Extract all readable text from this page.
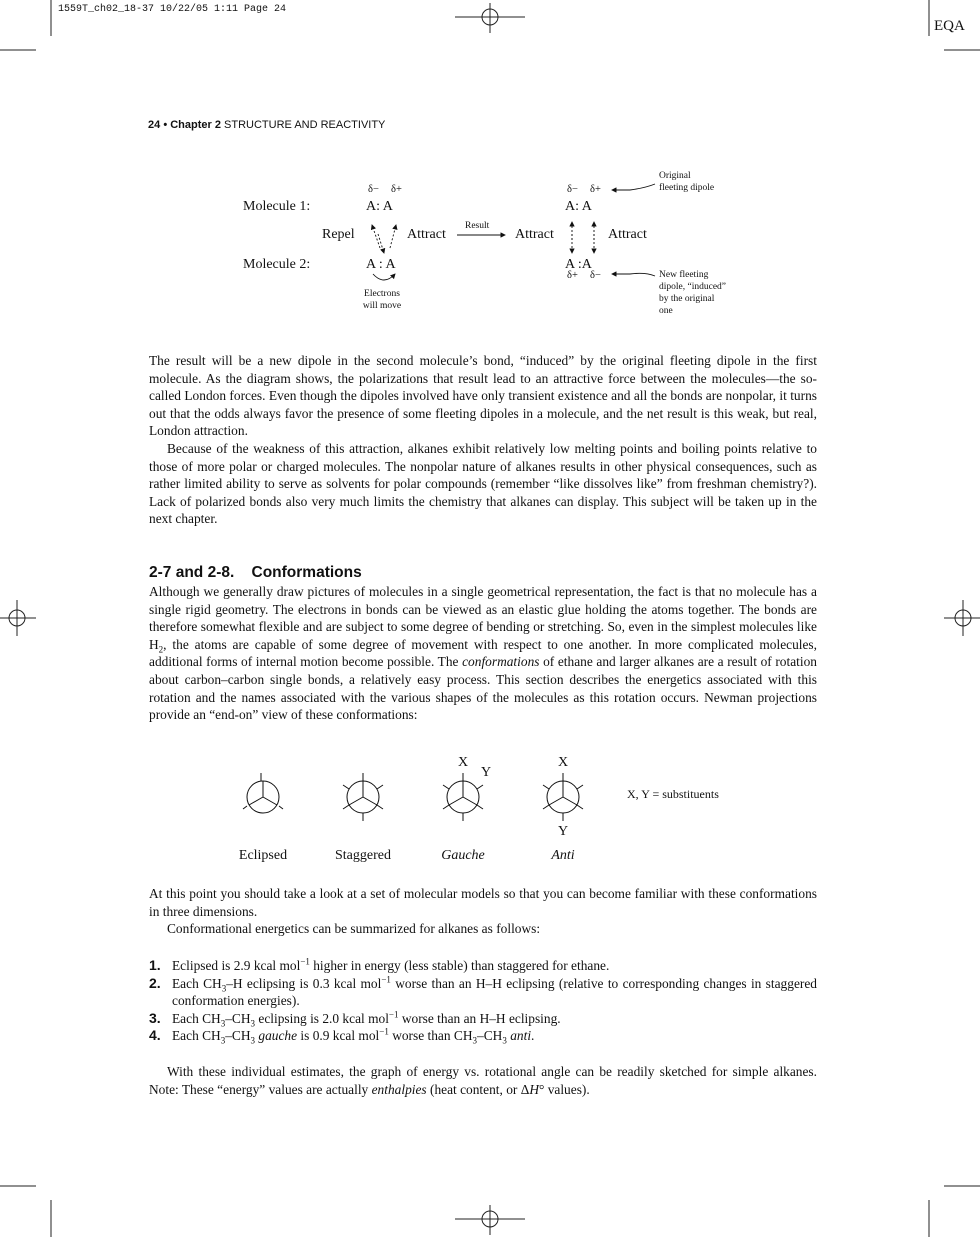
1559T_ch02_18-37 10/22/05 1:11 Page 24
EQA
24 • Chapter 2 STRUCTURE AND REACTIVITY
Molecule 1:
Molecule 2:
δ− δ+
A: A
A : A
Repel	Attract
Result
Attract	Attract
Electrons will move
δ− δ+
A: A
A :A
δ+ δ−
Original fleeting dipole
New fleeting dipole, “induced” by the original one

The result will be a new dipole in the second molecule’s bond, “induced” by the original fleeting dipole in the first molecule. As the diagram shows, the polarizations that result lead to an attractive force between the molecules—the so-called London forces. Even though the dipoles involved have only transient existence and all the bonds are nonpolar, it turns out that the odds always favor the presence of some fleeting dipoles in a molecule, and the net result is this weak, but real, London attraction.

Because of the weakness of this attraction, alkanes exhibit relatively low melting points and boiling points relative to those of more polar or charged molecules. The nonpolar nature of alkanes results in other physical consequences, such as rather limited ability to serve as solvents for polar compounds (remember “like dissolves like” from freshman chemistry?). Lack of polarized bonds also very much limits the chemistry that alkanes can display. This subject will be taken up in the next chapter.

2-7 and 2-8.    Conformations

Although we generally draw pictures of molecules in a single geometrical representation, the fact is that no molecule has a single rigid geometry. The electrons in bonds can be viewed as an elastic glue holding the atoms together. The bonds are therefore somewhat flexible and are subject to some degree of bending or stretching. So, even in the simplest molecules like $H_2$, the atoms are capable of some degree of movement with respect to one another. In more complicated molecules, additional forms of internal motion become possible. The conformations of ethane and larger alkanes are a result of rotation about carbon–carbon single bonds, a relatively easy process. This section describes the energetics associated with this rotation and the names associated with the various shapes of the molecules as this rotation occurs. Newman projections provide an “end-on” view of these conformations:

X
Y
X
Y
X, Y = substituents
Eclipsed	Staggered	Gauche	Anti

At this point you should take a look at a set of molecular models so that you can become familiar with these conformations in three dimensions.

Conformational energetics can be summarized for alkanes as follows:

1. Eclipsed is 2.9 kcal mol$^{-1}$ higher in energy (less stable) than staggered for ethane.
2. Each $CH_3-H$ eclipsing is 0.3 kcal mol$^{-1}$ worse than an H–H eclipsing (relative to corresponding changes in staggered conformation energies).
3. Each $CH_3-CH_3$ eclipsing is 2.0 kcal mol$^{-1}$ worse than an H–H eclipsing.
4. Each $CH_3-CH_3$ gauche is 0.9 kcal mol$^{-1}$ worse than $CH_3-CH_3$ anti.

With these individual estimates, the graph of energy vs. rotational angle can be readily sketched for simple alkanes. Note: These “energy” values are actually enthalpies (heat content, or ΔH° values).
